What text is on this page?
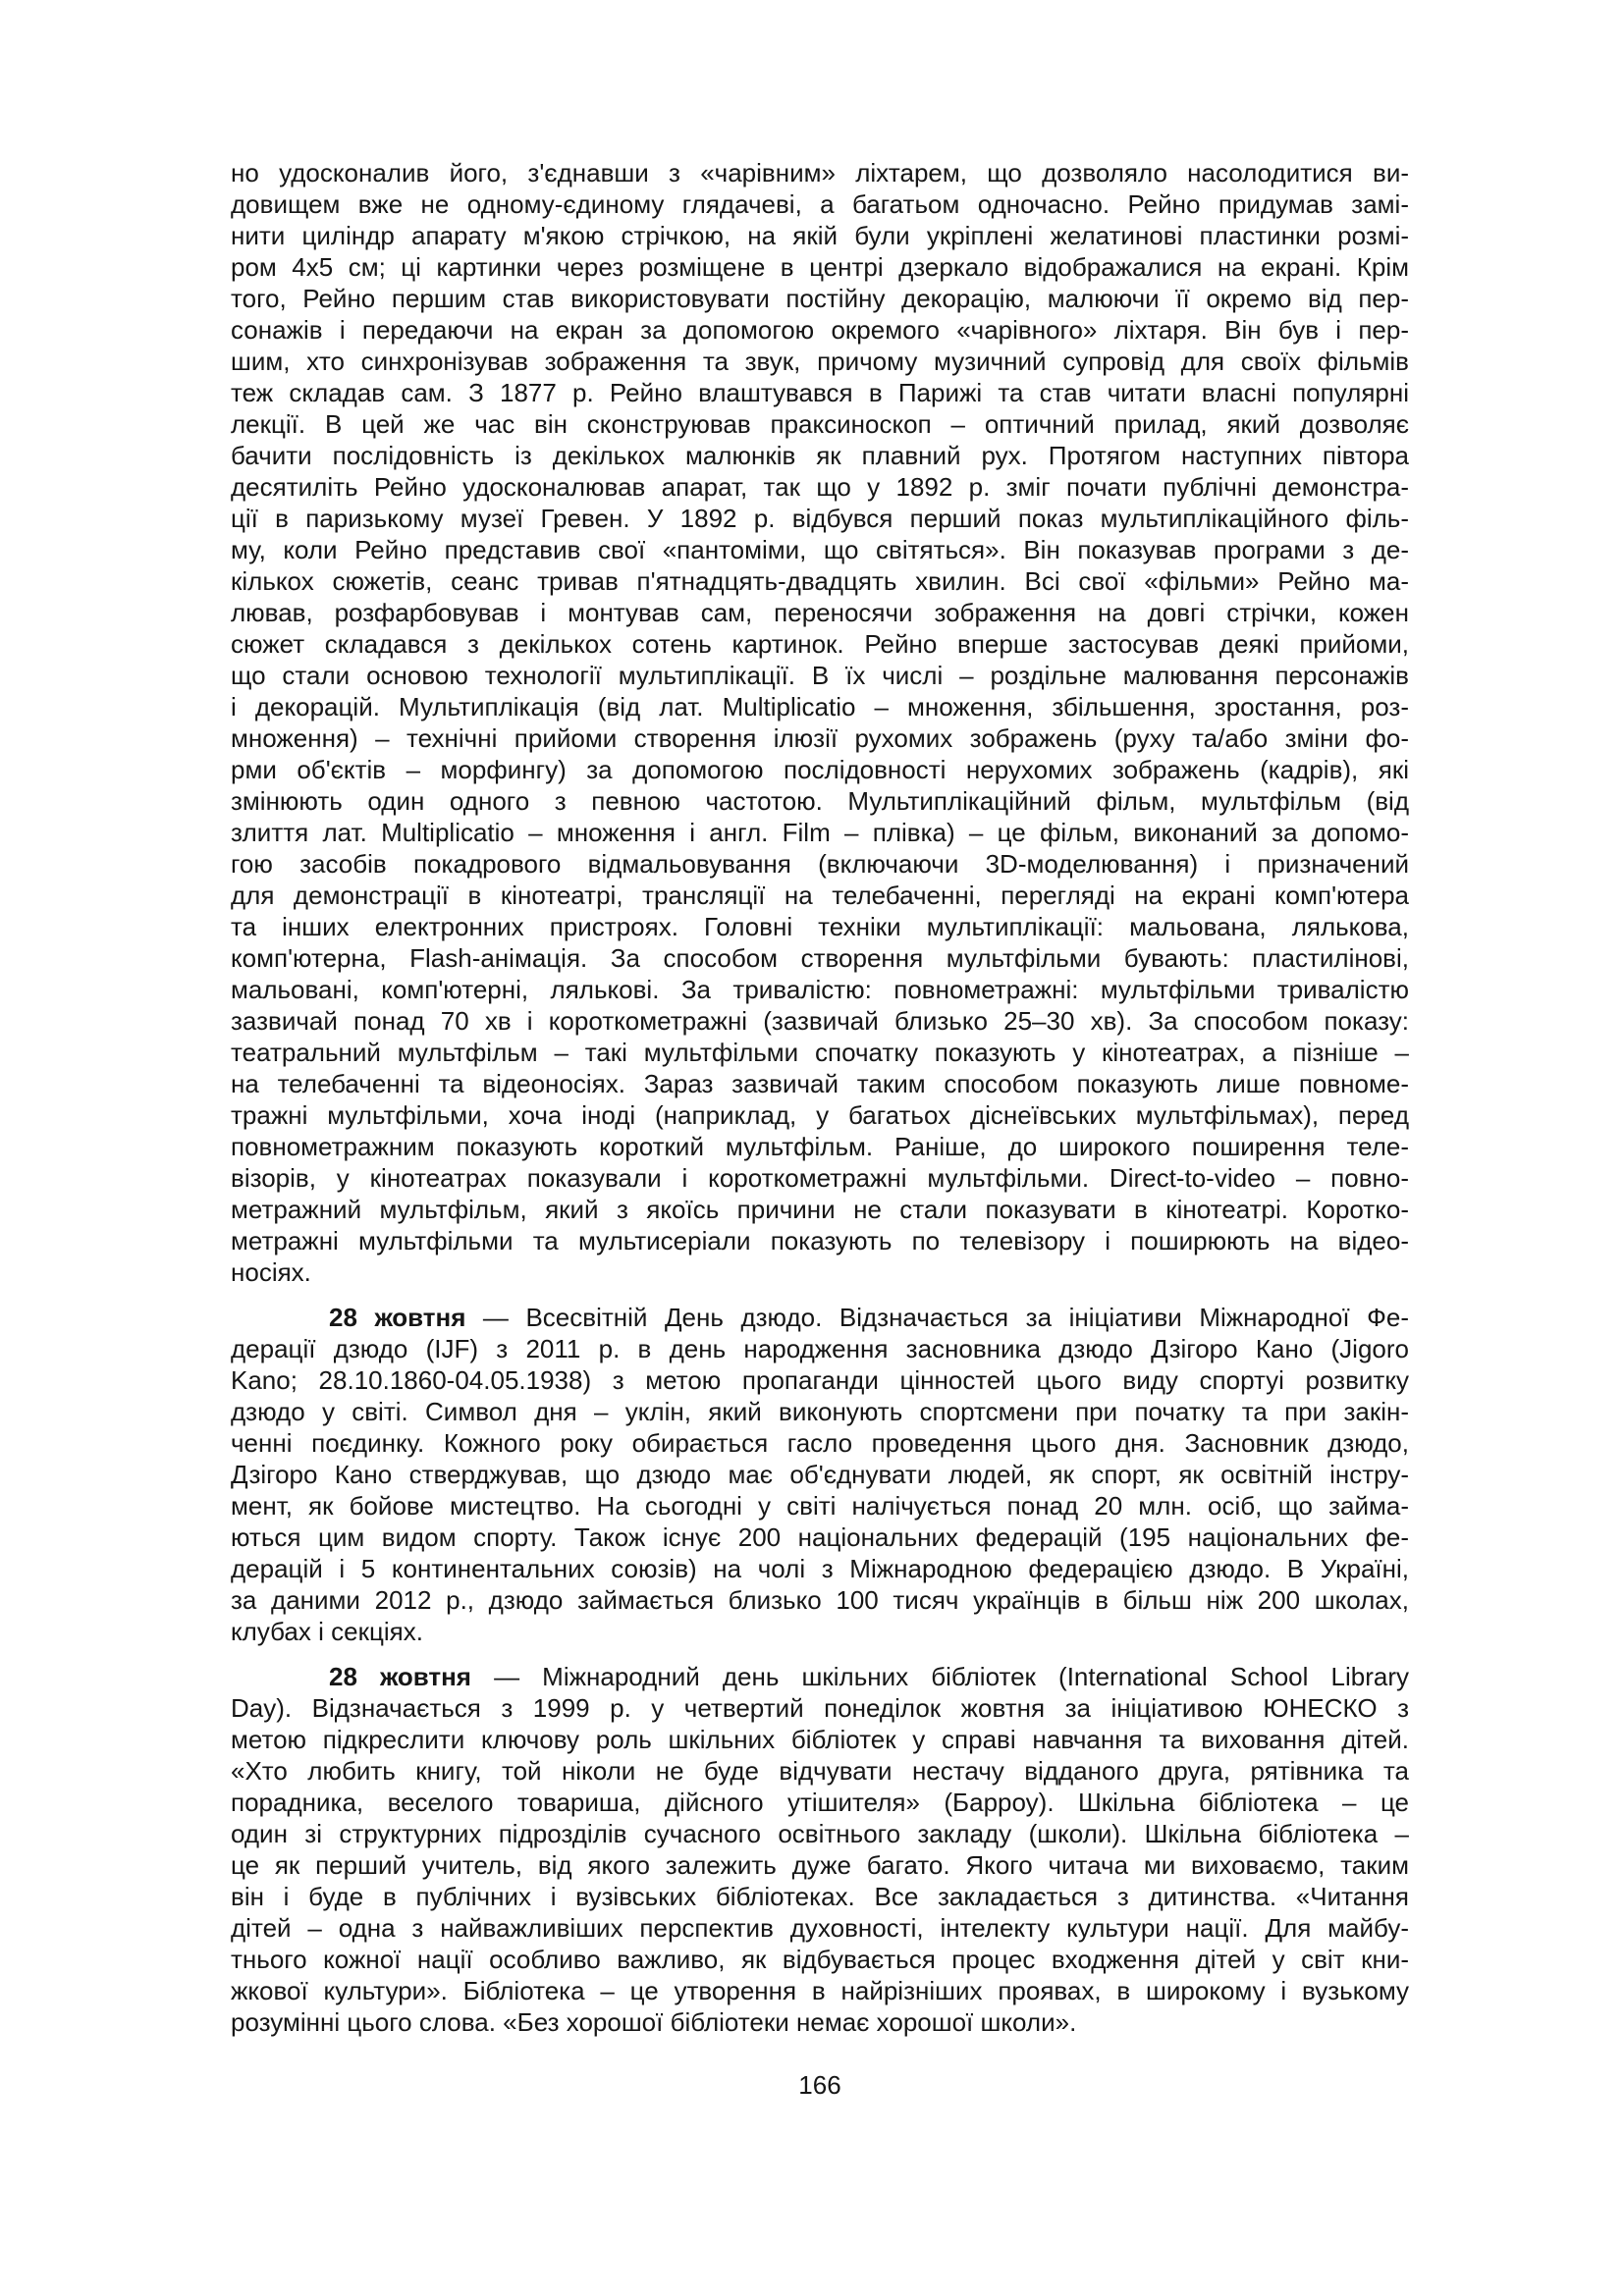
но удосконалив його, з'єднавши з «чарівним» ліхтарем, що дозволяло насолодитися ви-
довищем вже не одному-єдиному глядачеві, а багатьом одночасно. Рейно придумав замі-
нити циліндр апарату м'якою стрічкою, на якій були укріплені желатинові пластинки розмі-
ром 4х5 см; ці картинки через розміщене в центрі дзеркало відображалися на екрані. Крім
того, Рейно першим став використовувати постійну декорацію, малюючи її окремо від пер-
сонажів і передаючи на екран за допомогою окремого «чарівного» ліхтаря. Він був і пер-
шим, хто синхронізував зображення та звук, причому музичний супровід для своїх фільмів
теж складав сам. З 1877 р. Рейно влаштувався в Парижі та став читати власні популярні
лекції. В цей же час він сконструював праксиноскоп – оптичний прилад, який дозволяє
бачити послідовність із декількох малюнків як плавний рух. Протягом наступних півтора
десятиліть Рейно удосконалював апарат, так що у 1892 р. зміг почати публічні демонстра-
ції в паризькому музеї Гревен. У 1892 р. відбувся перший показ мультиплікаційного філь-
му, коли Рейно представив свої «пантоміми, що світяться». Він показував програми з де-
кількох сюжетів, сеанс тривав п'ятнадцять-двадцять хвилин. Всі свої «фільми» Рейно ма-
лював, розфарбовував і монтував сам, переносячи зображення на довгі стрічки, кожен
сюжет складався з декількох сотень картинок. Рейно вперше застосував деякі прийоми,
що стали основою технології мультиплікації. В їх числі – роздільне малювання персонажів
і декорацій. Мультиплікація (від лат. Multiplicatio – множення, збільшення, зростання, роз-
множення) – технічні прийоми створення ілюзії рухомих зображень (руху та/або зміни фо-
рми об'єктів – морфингу) за допомогою послідовності нерухомих зображень (кадрів), які
змінюють один одного з певною частотою. Мультиплікаційний фільм, мультфільм (від
злиття лат. Multiplicatio – множення і англ. Film – плівка) – це фільм, виконаний за допомо-
гою засобів покадрового відмальовування (включаючи 3D-моделювання) і призначений
для демонстрації в кінотеатрі, трансляції на телебаченні, перегляді на екрані комп'ютера
та інших електронних пристроях. Головні техніки мультиплікації: мальована, лялькова,
комп'ютерна, Flash-анімація. За способом створення мультфільми бувають: пластилінові,
мальовані, комп'ютерні, лялькові. За тривалістю: повнометражні: мультфільми тривалістю
зазвичай понад 70 хв і короткометражні (зазвичай близько 25–30 хв). За способом показу:
театральний мультфільм – такі мультфільми спочатку показують у кінотеатрах, а пізніше –
на телебаченні та відеоносіях. Зараз зазвичай таким способом показують лише повноме-
тражні мультфільми, хоча іноді (наприклад, у багатьох діснеївських мультфільмах), перед
повнометражним показують короткий мультфільм. Раніше, до широкого поширення теле-
візорів, у кінотеатрах показували і короткометражні мультфільми. Direct-to-video – повно-
метражний мультфільм, який з якоїсь причини не стали показувати в кінотеатрі. Коротко-
метражні мультфільми та мультисеріали показують по телевізору і поширюють на відео-
носіях.
28 жовтня — Всесвітній День дзюдо. Відзначається за ініціативи Міжнародної Фе-
дерації дзюдо (IJF) з 2011 р. в день народження засновника дзюдо Дзігоро Кано (Jigoro
Kano; 28.10.1860-04.05.1938) з метою пропаганди цінностей цього виду спортуі розвитку
дзюдо у світі. Символ дня – уклін, який виконують спортсмени при початку та при закін-
ченні поєдинку. Кожного року обирається гасло проведення цього дня. Засновник дзюдо,
Дзігоро Кано стверджував, що дзюдо має об'єднувати людей, як спорт, як освітній інстру-
мент, як бойове мистецтво. На сьогодні у світі налічується понад 20 млн. осіб, що займа-
ються цим видом спорту. Також існує 200 національних федерацій (195 національних фе-
дерацій і 5 континентальних союзів) на чолі з Міжнародною федерацією дзюдо. В Україні,
за даними 2012 р., дзюдо займається близько 100 тисяч українців в більш ніж 200 школах,
клубах і секціях.
28 жовтня — Міжнародний день шкільних бібліотек (International School Library
Day). Відзначається з 1999 р. у четвертий понеділок жовтня за ініціативою ЮНЕСКО з
метою підкреслити ключову роль шкільних бібліотек у справі навчання та виховання дітей.
«Хто любить книгу, той ніколи не буде відчувати нестачу відданого друга, рятівника та
порадника, веселого товариша, дійсного утішителя» (Барроу). Шкільна бібліотека – це
один зі структурних підрозділів сучасного освітнього закладу (школи). Шкільна бібліотека –
це як перший учитель, від якого залежить дуже багато. Якого читача ми виховаємо, таким
він і буде в публічних і вузівських бібліотеках. Все закладається з дитинства. «Читання
дітей – одна з найважливіших перспектив духовності, інтелекту культури нації. Для майбу-
тнього кожної нації особливо важливо, як відбувається процес входження дітей у світ кни-
жкової культури». Бібліотека – це утворення в найрізніших проявах, в широкому і вузькому
розумінні цього слова. «Без хорошої бібліотеки немає хорошої школи».
166
